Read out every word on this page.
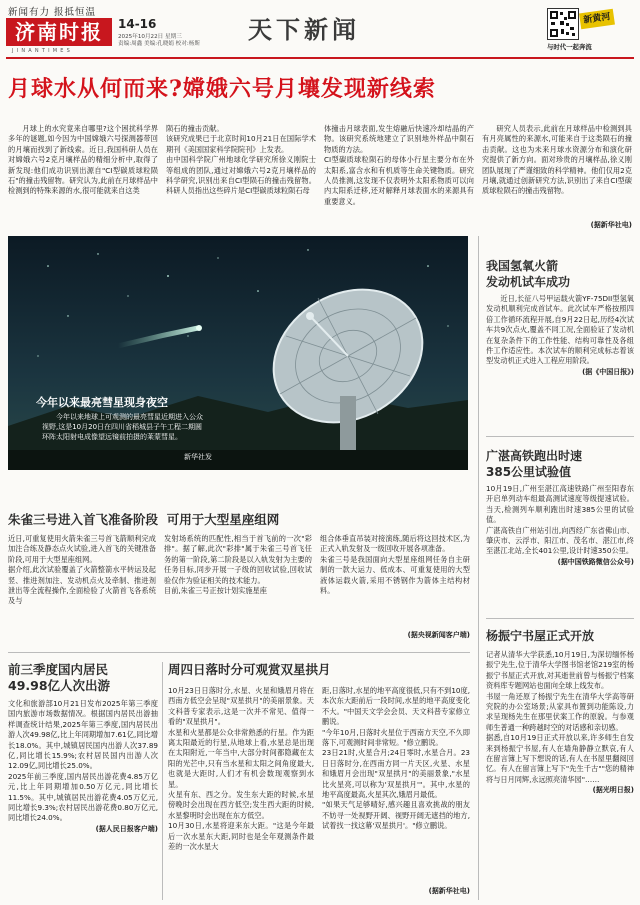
新闻有力 报抵恒温
济南时报
JINANTIMES
14-16
2025年10月22日 星期三
责编:周鑫 美编:孔晓娟 校对:杨斯 天下新闻	新黄河
与时代一起奔流
月球水从何而来?嫦娥六号月壤发现新线索
月球上的水究竟来自哪里?这个困扰科学界多年的谜题,如今因为中国嫦娥六号探测器带回的月壤而找到了新线索。近日,我国科研人员在对嫦娥六号2克月壤样品的精细分析中,取得了新发现:他们成功识别出源自"CI型碳质球粒陨石"的撞击残留物。研究认为,此前在月球样品中检测到的特殊来源的水,很可能就来自这类
陨石的撞击贡献。
该研究成果已于北京时间10月21日在国际学术期刊《美国国家科学院院刊》上发表。
由中国科学院广州地球化学研究所徐义刚院士等组成的团队,通过对嫦娥六号2克月壤样品的科学研究,识别出来自CI型陨石的撞击残留物。科研人员指出这些碎片是CI型碳质球粒陨石母
体撞击月球表面,发生熔融后快速冷却结晶的产物。该研究系统地建立了识别地外样品中陨石物质的方法。
CI型碳质球粒陨石的母体小行星主要分布在外太阳系,富含水和有机质等生命关键物质。研究人员推测,这发现不仅表明外太阳系物质可以向内太阳系迁移,还对解释月球表面水的来源具有重要意义。
研究人员表示,此前在月球样品中检测到具有月亮属性的来源水,可能来自于这类陨石的撞击贡献。这也为未来月球水资源分布和演化研究提供了新方向。面对珍贵的月壤样品,徐义刚团队展现了严谨细致的科学精神。他们仅用2克月壤,就通过创新研究方法,识别出了来自CI型碳质球粒陨石的撞击残留物。
(据新华社电)
今年以来最亮彗星现身夜空
今年以来地球上可观测的最亮彗星近期进入公众视野,这是10月20日在四川省稻城县子午工程二期圆环阵太阳射电成像望远镜前拍摄的莱蒙彗星。
新华社发
我国氢氧火箭
发动机试车成功
近日,长征八号甲运载火箭YF-75DII型氢氧发动机顺利完成首试车。此次试车严格按照四倍工作循环流程开展,自9月22日起,历经4次试车共9次点火,覆盖不同工况,全面验证了发动机在复杂条件下的工作性能、结构可靠性及各组件工作适应性。本次试车的顺利完成标志着该型发动机正式进入工程应用阶段。
(据《中国日报》)
广湛高铁跑出时速
385公里试验值
10月19日,广州至湛江高速铁路广州至阳春东开启单列动车组最高测试速度等级提速试验。当天,检测列车顺利跑出时速385公里的试验值。
广湛高铁自广州站引出,向西经广东省佛山市、肇庆市、云浮市、阳江市、茂名市、湛江市,终至湛江北站,全长401公里,设计时速350公里。
(据中国铁路微信公众号)
杨振宁书屋正式开放
记者从清华大学获悉,10月19日,为深切缅怀杨振宁先生,位于清华大学图书馆老馆219室的杨振宁书屋正式开放,对其逝世前曾与杨振宁档案资料库专题网站也面向全球上线发布。
书屋一角还原了杨振宁先生在清华大学高等研究院的办公室场景;从家具布置到功能陈设,力求呈现杨先生在那里伏案工作的原貌。与参观师生普通一种跨越时空的对话感和亲切感。
据悉,自10月19日正式开放以来,许多师生自发来到杨振宁书屋,有人在墙角静静立默哀,有人在留言簿上写下想说的话,有人在书屋里翻阅回忆。有人在留言簿上写下"先生千古""您的精神将与日月同辉,永远照亮清华园"……
(据光明日报)
朱雀三号进入首飞准备阶段  可用于大型星座组网
近日,可重复使用火箭朱雀三号首飞箭顺利完成加注合练及静态点火试验,进入首飞的关键准备阶段,可用于大型星座组网。
据介绍,此次试验覆盖了火箭整箭水平转运及起竖、推进剂加注、发动机点火及牵制、推进剂泄出等全流程操作,全面检验了火箭首飞各系统及与
发射场系统的匹配性,相当于首飞前的一次"彩排"。据了解,此次"彩排"属于朱雀三号首飞任务的第一阶段,第二阶段是以入轨发射为主要的任务目标,同步开展一子级的回收试验,回收试验仅作为验证相关的技术能力。
目前,朱雀三号正按计划实施星座
组合体垂直吊装对接演练,随后将这回技术区,为正式入轨发射及一级回收开展各项准备。
朱雀三号是我国面向大型星座组网任务自主研制的一款大运力、低成本、可重复使用的大型液体运载火箭,采用不锈钢作为箭体主结构材料。
(据央视新闻客户端)
前三季度国内居民
49.98亿人次出游
文化和旅游部10月21日发布2025年第三季度国内旅游市场数据情况。根据国内居民出游抽样调查统计结果,2025年第三季度,国内居民出游人次49.98亿,比上年同期增加7.61亿,同比增长18.0%。其中,城镇居民国内出游人次37.89亿,同比增长15.9%;农村居民国内出游人次12.09亿,同比增长25.0%。
2025年前三季度,国内居民出游花费4.85万亿元,比上年同期增加0.50万亿元,同比增长11.5%。其中,城镇居民出游花费4.05万亿元,同比增长9.3%;农村居民出游花费0.80万亿元,同比增长24.0%。
(据人民日报客户端)
周四日落时分可观赏双星拱月
10月23日日落时分,水星、火星和娥眉月将在西南方低空会呈现"双星拱月"的美丽景象。天文科普专家表示,这是一次并不常见、值得一看的"双星拱月"。
水星和火星都是公众非常熟悉的行星。作为距离太阳最近的行星,从地球上看,水星总是出现在太阳附近,一年当中,大部分时间都隐藏在太阳的光芒中,只有当水星和太阳之间角度最大,也就是大距时,人们才有机会数现观察到水星。
火星有东、西之分。发生东大距的时候,水星傍晚时会出现在西方低空;发生西大距的时候,水星黎明时会出现在东方低空。
10月30日,水星将迎来东大距。"这是今年最后一次水星东大距,同时也是全年观测条件最差的一次水星大
距,日落时,水星的地平高度很低,只有不到10度,本次东大距前后一段时间,水星的地平高度变化不大。"中国天文学会会员、天文科普专家修立鹏说。
"今年10月,日落时火星位于西南方天空,不久即落下,可观测时间非常短。"修立鹏说。
23日21时,火星合月;24日零时,水星合月。23日日落时分,在西南方同一片天区,火星、水星和娥眉月会出现"双星拱月"的美丽景象,"水星比火星亮,可以称为'双星拱月'"。其中,水星的地平高度最高,火星其次,娥眉月最低。
"如果天气足够晴好,感兴趣且喜欢挑战的朋友不妨寻一处视野开阔、视野开阔无遮挡的地方,试着找一找这幕'双星拱月'。"修立鹏说。
(据新华社电)
